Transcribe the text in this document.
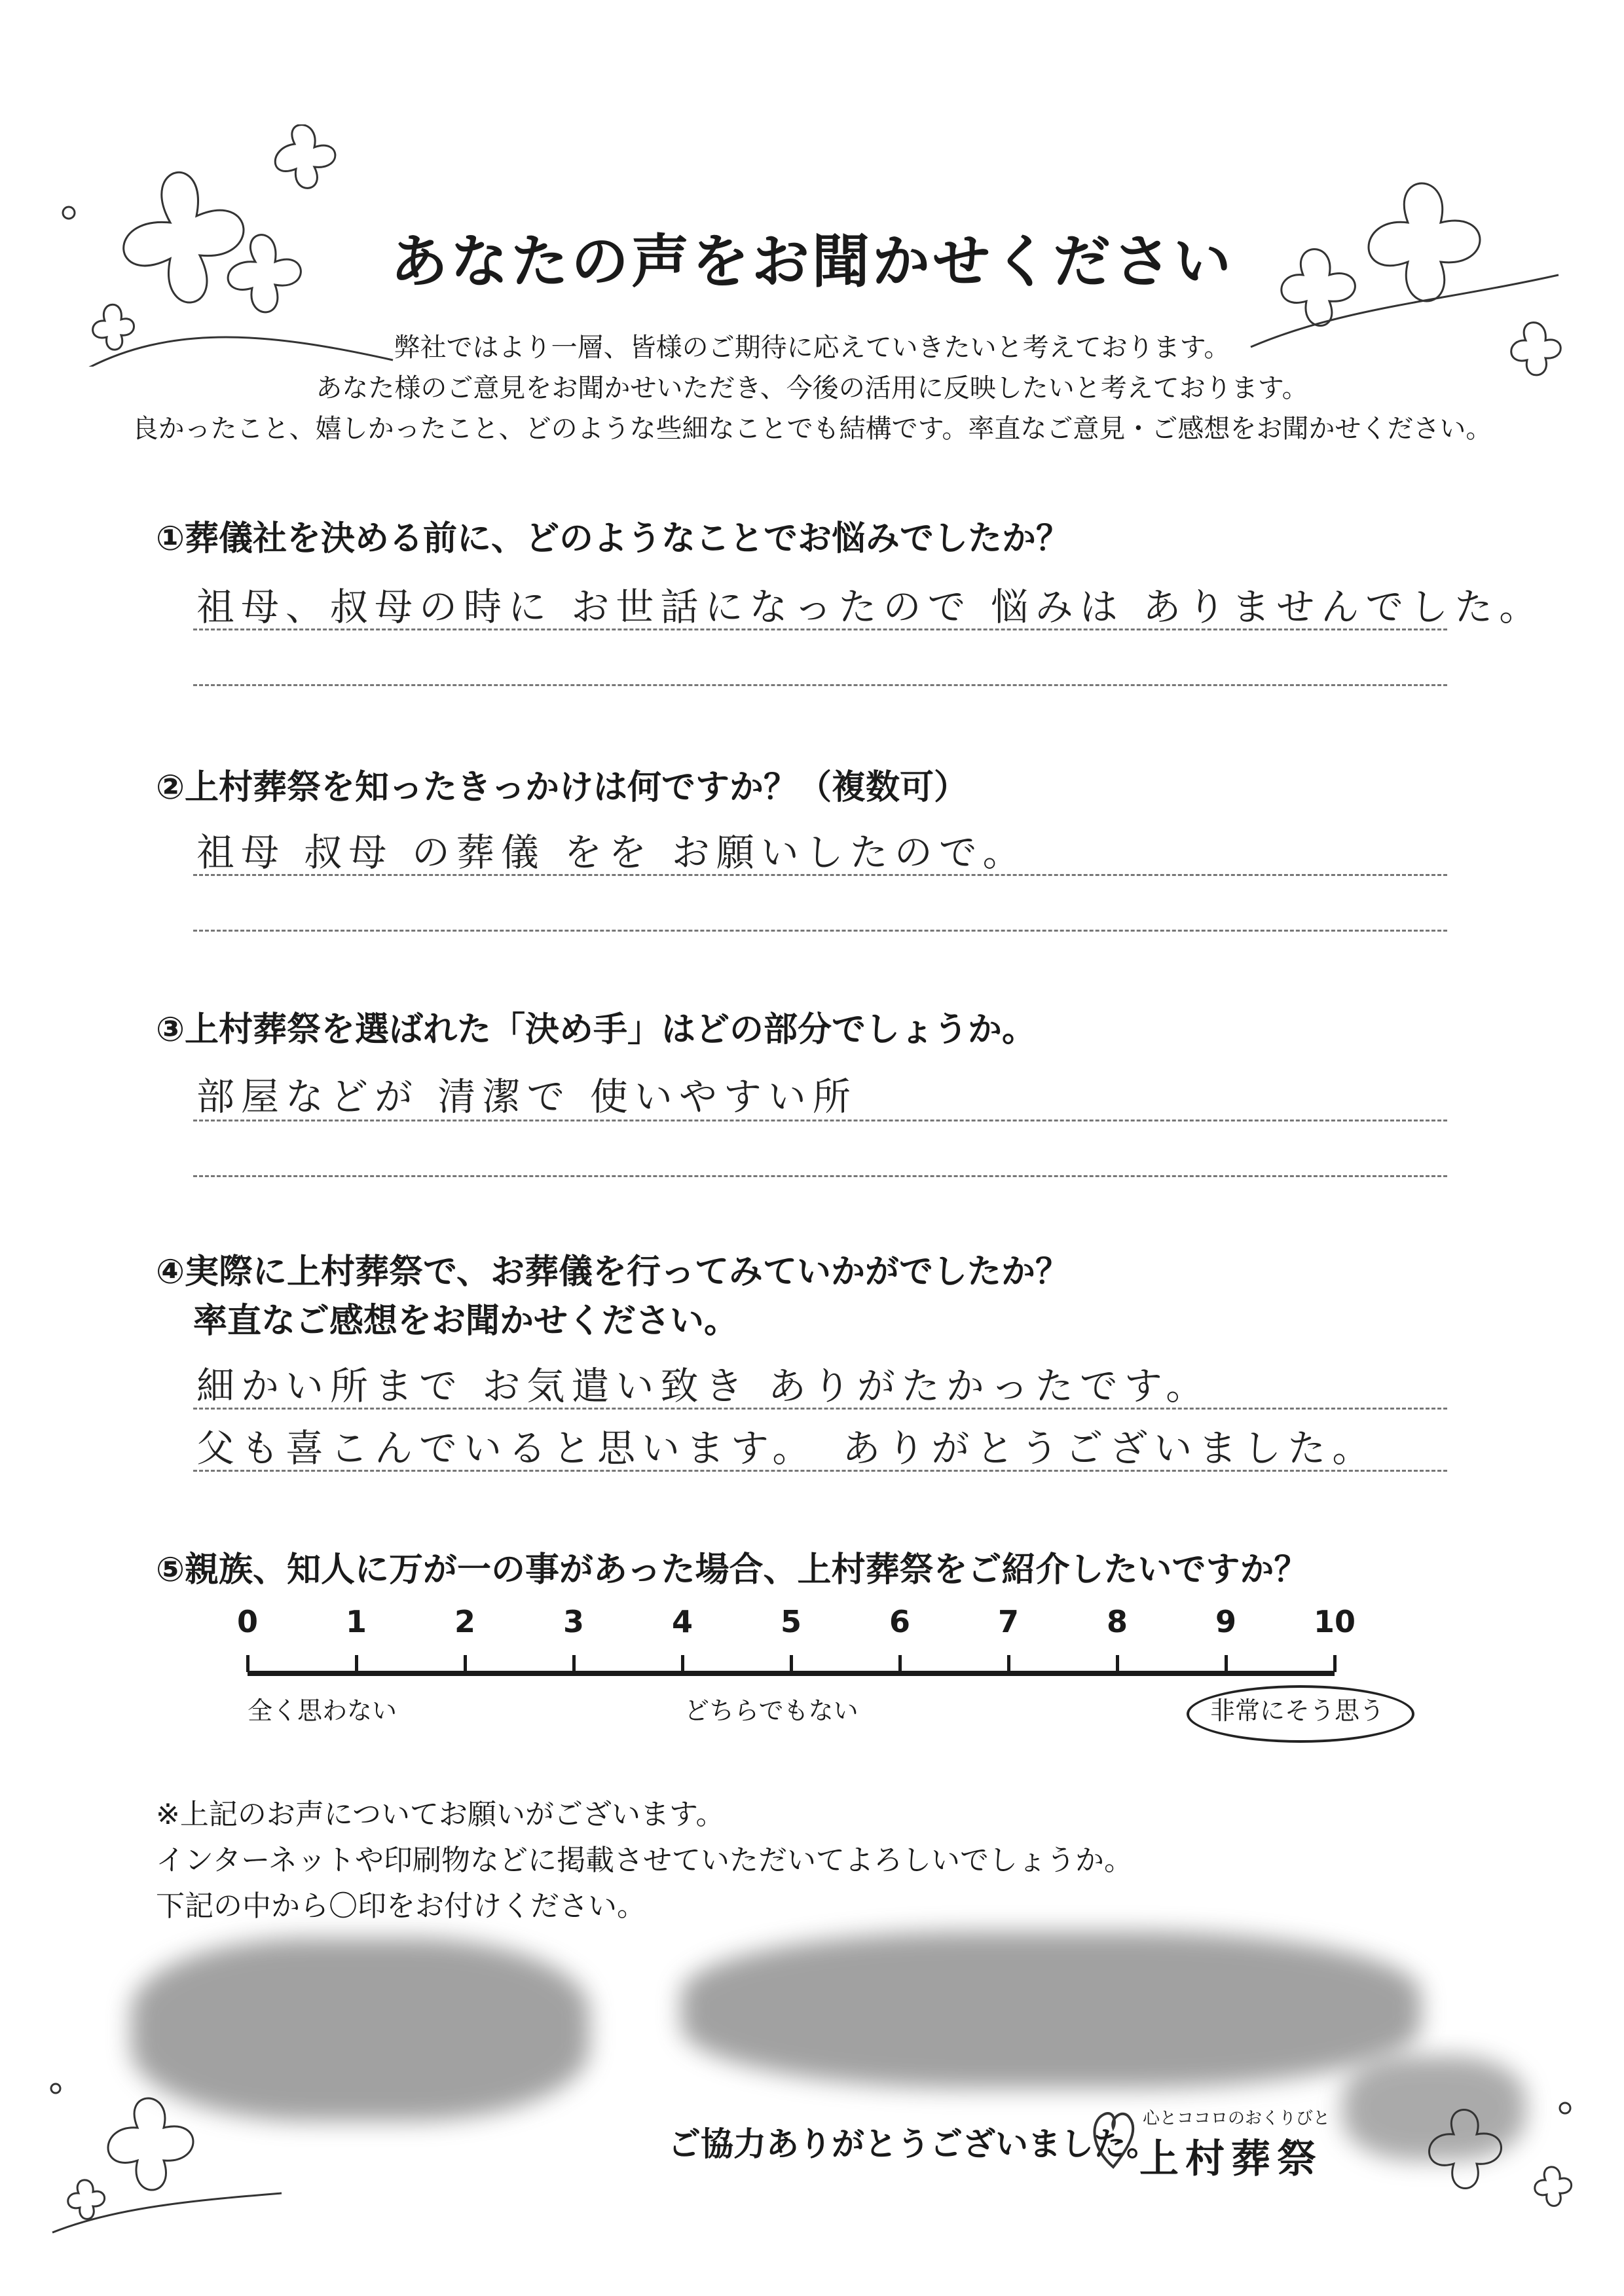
あなたの声をお聞かせください
弊社ではより一層、皆様のご期待に応えていきたいと考えております。
あなた様のご意見をお聞かせいただき、今後の活用に反映したいと考えております。
良かったこと、嬉しかったこと、どのような些細なことでも結構です。率直なご意見・ご感想をお聞かせください。
①葬儀社を決める前に、どのようなことでお悩みでしたか？
祖母、叔母の時に お世話になったので 悩みは ありませんでした。
②上村葬祭を知ったきっかけは何ですか？（複数可）
祖母 叔母 の葬儀 をを お願いしたので。
③上村葬祭を選ばれた「決め手」はどの部分でしょうか。
部屋などが 清潔で 使いやすい所
④実際に上村葬祭で、お葬儀を行ってみていかがでしたか？
率直なご感想をお聞かせください。
細かい所まで お気遣い致き ありがたかったです。
父も喜こんでいると思います。　ありがとうございました。
⑤親族、知人に万が一の事があった場合、上村葬祭をご紹介したいですか？
0	1	2	3	4	5	6	7	8	9	10
全く思わない	どちらでもない	非常にそう思う
※上記のお声についてお願いがございます。
インターネットや印刷物などに掲載させていただいてよろしいでしょうか。
下記の中から〇印をお付けください。
ご協力ありがとうございました。
心とココロのおくりびと
上村葬祭
